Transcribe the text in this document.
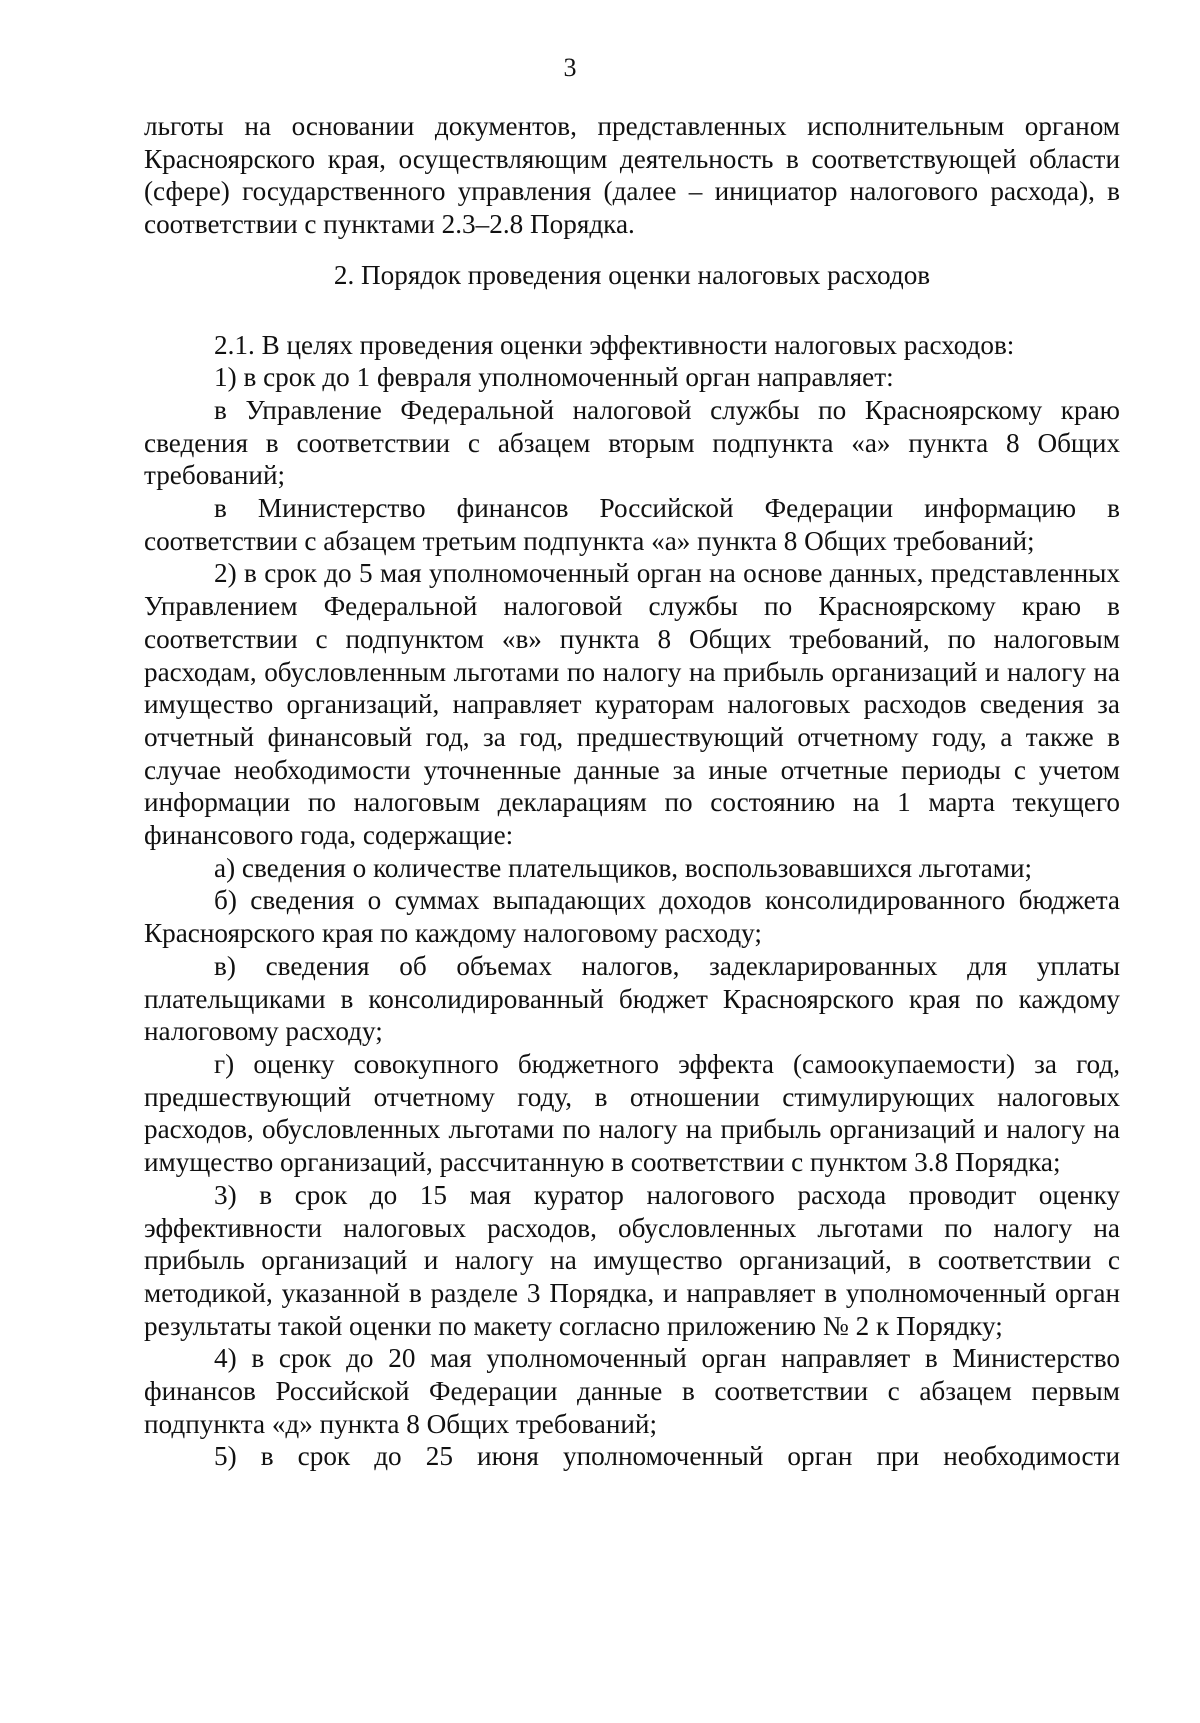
3

льготы на основании документов, представленных исполнительным органом Красноярского края, осуществляющим деятельность в соответствующей области (сфере) государственного управления (далее – инициатор налогового расхода), в соответствии с пунктами 2.3–2.8 Порядка.

2. Порядок проведения оценки налоговых расходов

2.1. В целях проведения оценки эффективности налоговых расходов:

1) в срок до 1 февраля уполномоченный орган направляет:

в Управление Федеральной налоговой службы по Красноярскому краю сведения в соответствии с абзацем вторым подпункта «а» пункта 8 Общих требований;

в Министерство финансов Российской Федерации информацию в соответствии с абзацем третьим подпункта «а» пункта 8 Общих требований;

2) в срок до 5 мая уполномоченный орган на основе данных, представленных Управлением Федеральной налоговой службы по Красноярскому краю в соответствии с подпунктом «в» пункта 8 Общих требований, по налоговым расходам, обусловленным льготами по налогу на прибыль организаций и налогу на имущество организаций, направляет кураторам налоговых расходов сведения за отчетный финансовый год, за год, предшествующий отчетному году, а также в случае необходимости уточненные данные за иные отчетные периоды с учетом информации по налоговым декларациям по состоянию на 1 марта текущего финансового года, содержащие:

а) сведения о количестве плательщиков, воспользовавшихся льготами;

б) сведения о суммах выпадающих доходов консолидированного бюджета Красноярского края по каждому налоговому расходу;

в) сведения об объемах налогов, задекларированных для уплаты плательщиками в консолидированный бюджет Красноярского края по каждому налоговому расходу;

г) оценку совокупного бюджетного эффекта (самоокупаемости) за год, предшествующий отчетному году, в отношении стимулирующих налоговых расходов, обусловленных льготами по налогу на прибыль организаций и налогу на имущество организаций, рассчитанную в соответствии с пунктом 3.8 Порядка;

3) в срок до 15 мая куратор налогового расхода проводит оценку эффективности налоговых расходов, обусловленных льготами по налогу на прибыль организаций и налогу на имущество организаций, в соответствии с методикой, указанной в разделе 3 Порядка, и направляет в уполномоченный орган результаты такой оценки по макету согласно приложению № 2 к Порядку;

4) в срок до 20 мая уполномоченный орган направляет в Министерство финансов Российской Федерации данные в соответствии с абзацем первым подпункта «д» пункта 8 Общих требований;

5) в срок до 25 июня уполномоченный орган при необходимости
